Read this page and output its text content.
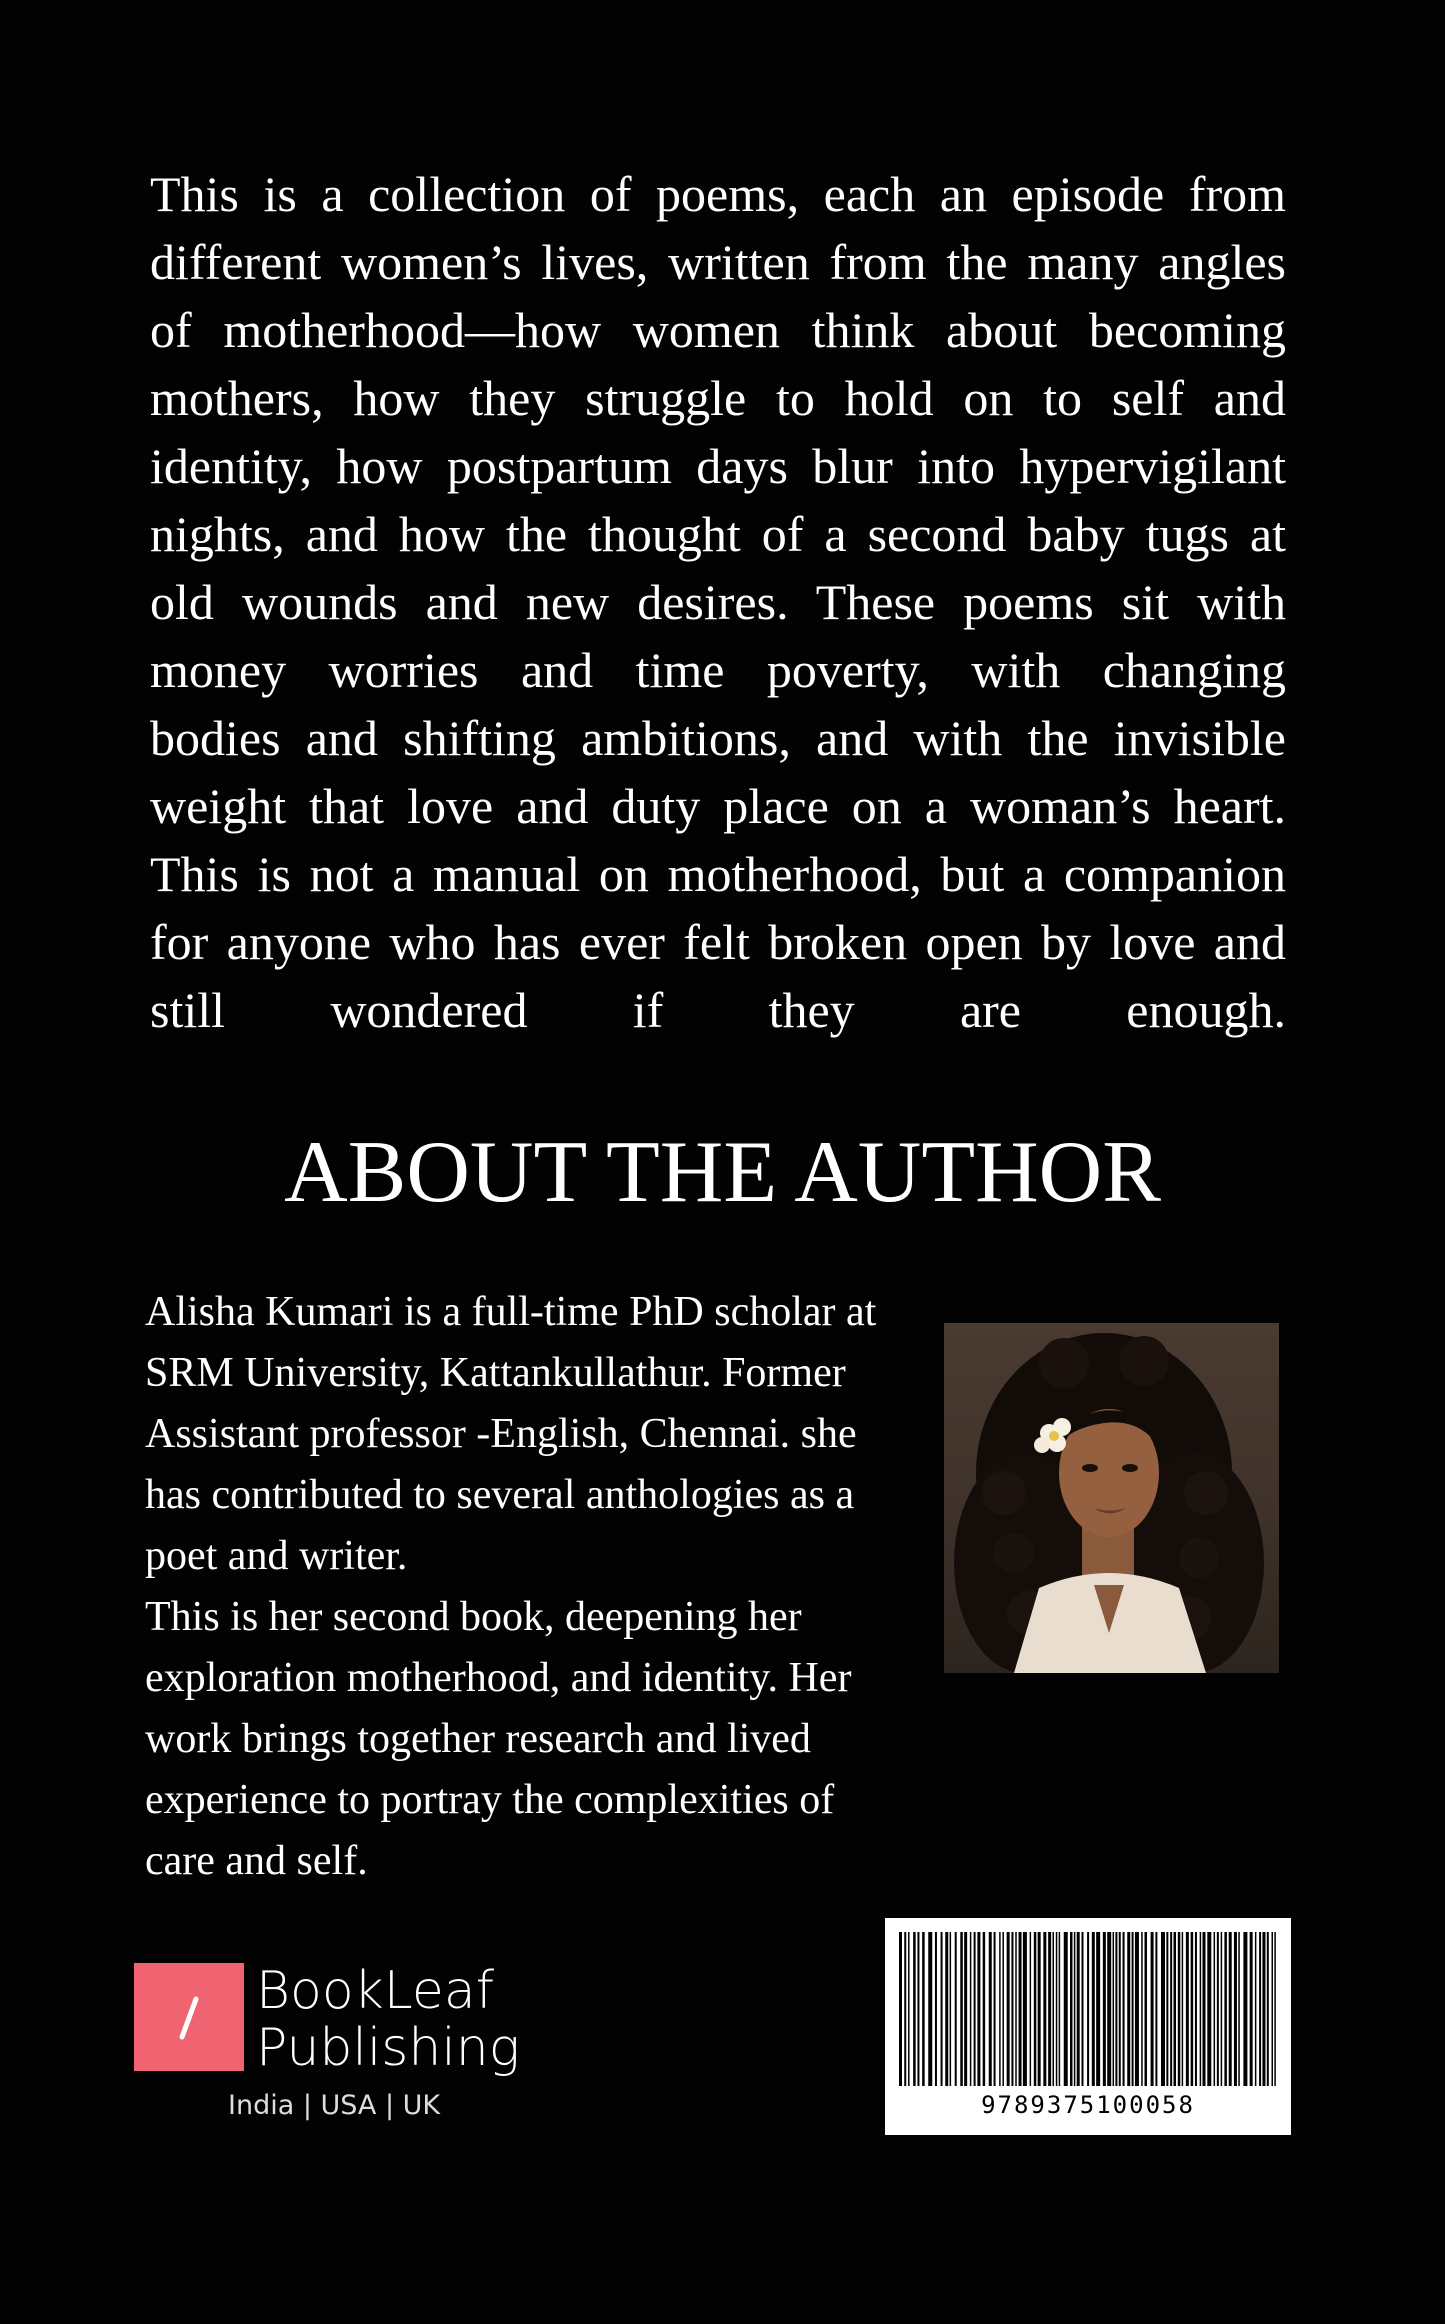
This is a collection of poems, each an episode from
different women’s lives, written from the many angles
of motherhood—how women think about becoming
mothers, how they struggle to hold on to self and
identity, how postpartum days blur into hypervigilant
nights, and how the thought of a second baby tugs at
old wounds and new desires. These poems sit with
money worries and time poverty, with changing
bodies and shifting ambitions, and with the invisible
weight that love and duty place on a woman’s heart.
This is not a manual on motherhood, but a companion
for anyone who has ever felt broken open by love and
still wondered if they are enough.
ABOUT THE AUTHOR
Alisha Kumari is a full-time PhD scholar at
SRM University, Kattankullathur. Former
Assistant professor -English, Chennai. she
has contributed to several anthologies as a
poet and writer.
This is her second book, deepening her
exploration motherhood, and identity. Her
work brings together research and lived
experience to portray the complexities of
care and self.
BookLeaf
Publishing
India | USA | UK	9789375100058
